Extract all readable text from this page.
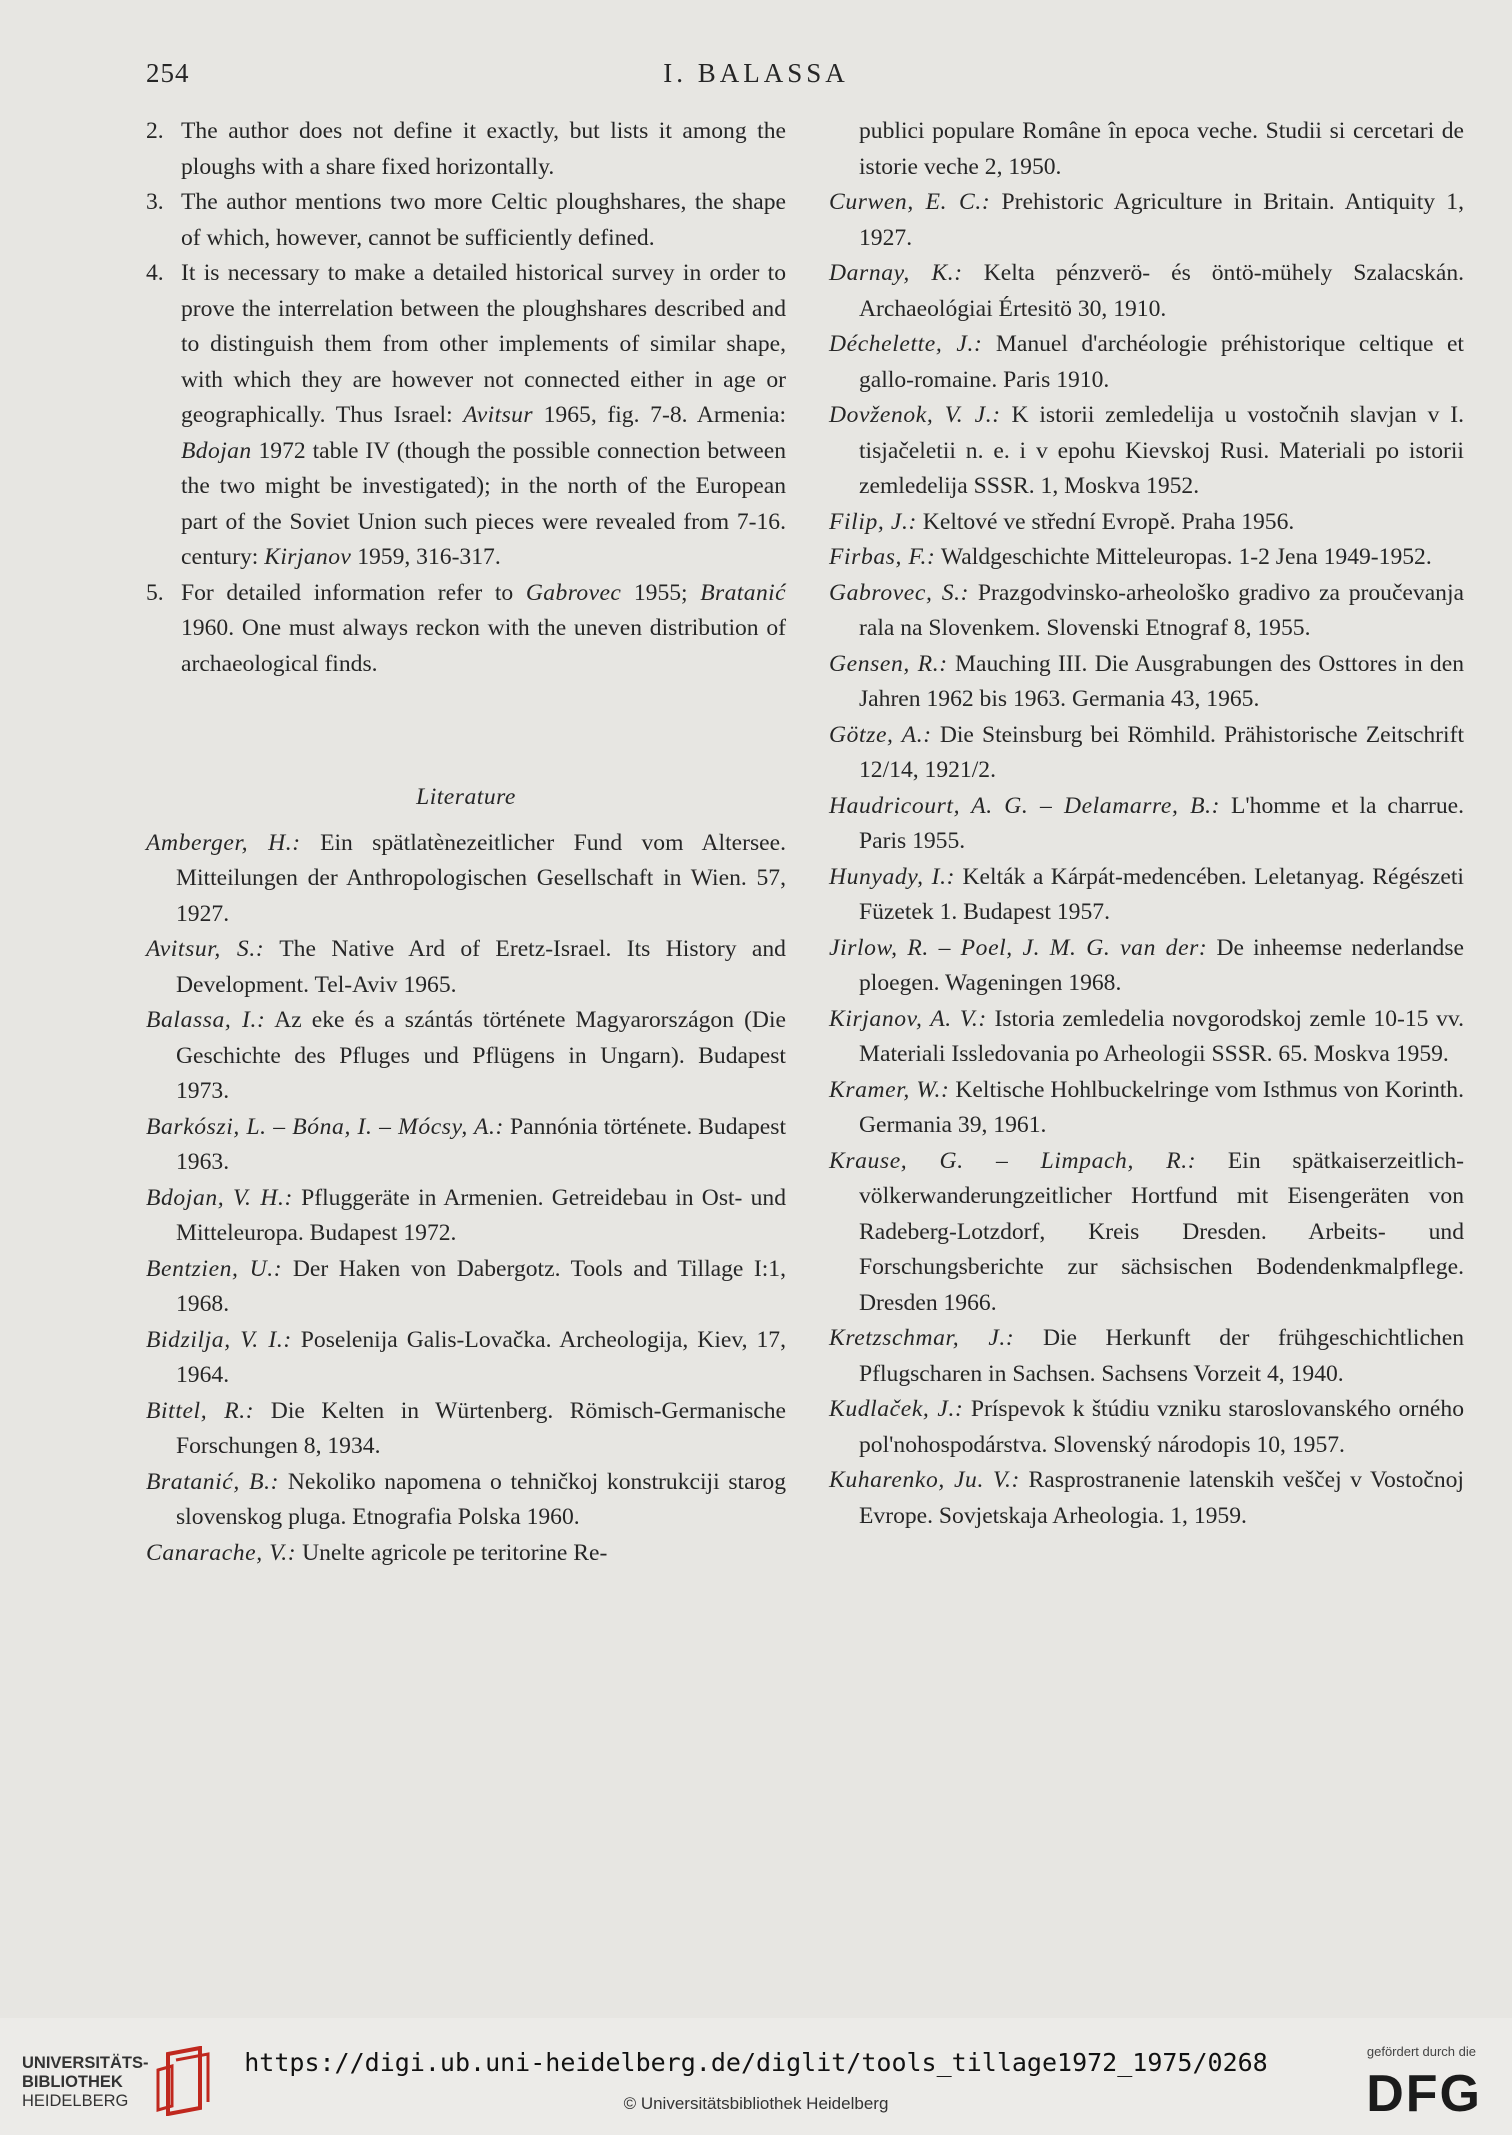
254	I. BALASSA

2. The author does not define it exactly, but lists it among the ploughs with a share fixed horizontally.

3. The author mentions two more Celtic ploughshares, the shape of which, however, cannot be sufficiently defined.

4. It is necessary to make a detailed historical survey in order to prove the interrelation between the ploughshares described and to distinguish them from other implements of similar shape, with which they are however not connected either in age or geographically. Thus Israel: Avitsur 1965, fig. 7-8. Armenia: Bdojan 1972 table IV (though the possible connection between the two might be investigated); in the north of the European part of the Soviet Union such pieces were revealed from 7-16. century: Kirjanov 1959, 316-317.

5. For detailed information refer to Gabrovec 1955; Bratanić 1960. One must always reckon with the uneven distribution of archaeological finds.

Literature

Amberger, H.: Ein spätlatènezeitlicher Fund vom Altersee. Mitteilungen der Anthropologischen Gesellschaft in Wien. 57, 1927.

Avitsur, S.: The Native Ard of Eretz-Israel. Its History and Development. Tel-Aviv 1965.

Balassa, I.: Az eke és a szántás története Magyarországon (Die Geschichte des Pfluges und Pflügens in Ungarn). Budapest 1973.

Barkószi, L. – Bóna, I. – Mócsy, A.: Pannónia története. Budapest 1963.

Bdojan, V. H.: Pfluggeräte in Armenien. Getreidebau in Ost- und Mitteleuropa. Budapest 1972.

Bentzien, U.: Der Haken von Dabergotz. Tools and Tillage I:1, 1968.

Bidzilja, V. I.: Poselenija Galis-Lovačka. Archeologija, Kiev, 17, 1964.

Bittel, R.: Die Kelten in Würtenberg. Römisch-Germanische Forschungen 8, 1934.

Bratanić, B.: Nekoliko napomena o tehničkoj konstrukciji starog slovenskog pluga. Etnografia Polska 1960.

Canarache, V.: Unelte agricole pe teritorine Re-

publici populare Române în epoca veche. Studii si cercetari de istorie veche 2, 1950.

Curwen, E. C.: Prehistoric Agriculture in Britain. Antiquity 1, 1927.

Darnay, K.: Kelta pénzverö- és öntö-mühely Szalacskán. Archaeológiai Értesitö 30, 1910.

Déchelette, J.: Manuel d'archéologie préhistorique celtique et gallo-romaine. Paris 1910.

Dovženok, V. J.: K istorii zemledelija u vostočnih slavjan v I. tisjačeletii n. e. i v epohu Kievskoj Rusi. Materiali po istorii zemledelija SSSR. 1, Moskva 1952.

Filip, J.: Keltové ve střední Evropě. Praha 1956.

Firbas, F.: Waldgeschichte Mitteleuropas. 1-2 Jena 1949-1952.

Gabrovec, S.: Prazgodvinsko-arheološko gradivo za proučevanja rala na Slovenkem. Slovenski Etnograf 8, 1955.

Gensen, R.: Mauching III. Die Ausgrabungen des Osttores in den Jahren 1962 bis 1963. Germania 43, 1965.

Götze, A.: Die Steinsburg bei Römhild. Prähistorische Zeitschrift 12/14, 1921/2.

Haudricourt, A. G. – Delamarre, B.: L'homme et la charrue. Paris 1955.

Hunyady, I.: Kelták a Kárpát-medencében. Leletanyag. Régészeti Füzetek 1. Budapest 1957.

Jirlow, R. – Poel, J. M. G. van der: De inheemse nederlandse ploegen. Wageningen 1968.

Kirjanov, A. V.: Istoria zemledelia novgorodskoj zemle 10-15 vv. Materiali Issledovania po Arheologii SSSR. 65. Moskva 1959.

Kramer, W.: Keltische Hohlbuckelringe vom Isthmus von Korinth. Germania 39, 1961.

Krause, G. – Limpach, R.: Ein spätkaiserzeitlich-völkerwanderungzeitlicher Hortfund mit Eisengeräten von Radeberg-Lotzdorf, Kreis Dresden. Arbeits- und Forschungsberichte zur sächsischen Bodendenkmalpflege. Dresden 1966.

Kretzschmar, J.: Die Herkunft der frühgeschichtlichen Pflugscharen in Sachsen. Sachsens Vorzeit 4, 1940.

Kudlaček, J.: Príspevok k štúdiu vzniku staroslovanského orného pol'nohospodárstva. Slovenský národopis 10, 1957.

Kuharenko, Ju. V.: Rasprostranenie latenskih veščej v Vostočnoj Evrope. Sovjetskaja Arheologia. 1, 1959.

UNIVERSITÄTS-
BIBLIOTHEK
HEIDELBERG
https://digi.ub.uni-heidelberg.de/diglit/tools_tillage1972_1975/0268
© Universitätsbibliothek Heidelberg
gefördert durch die
DFG
